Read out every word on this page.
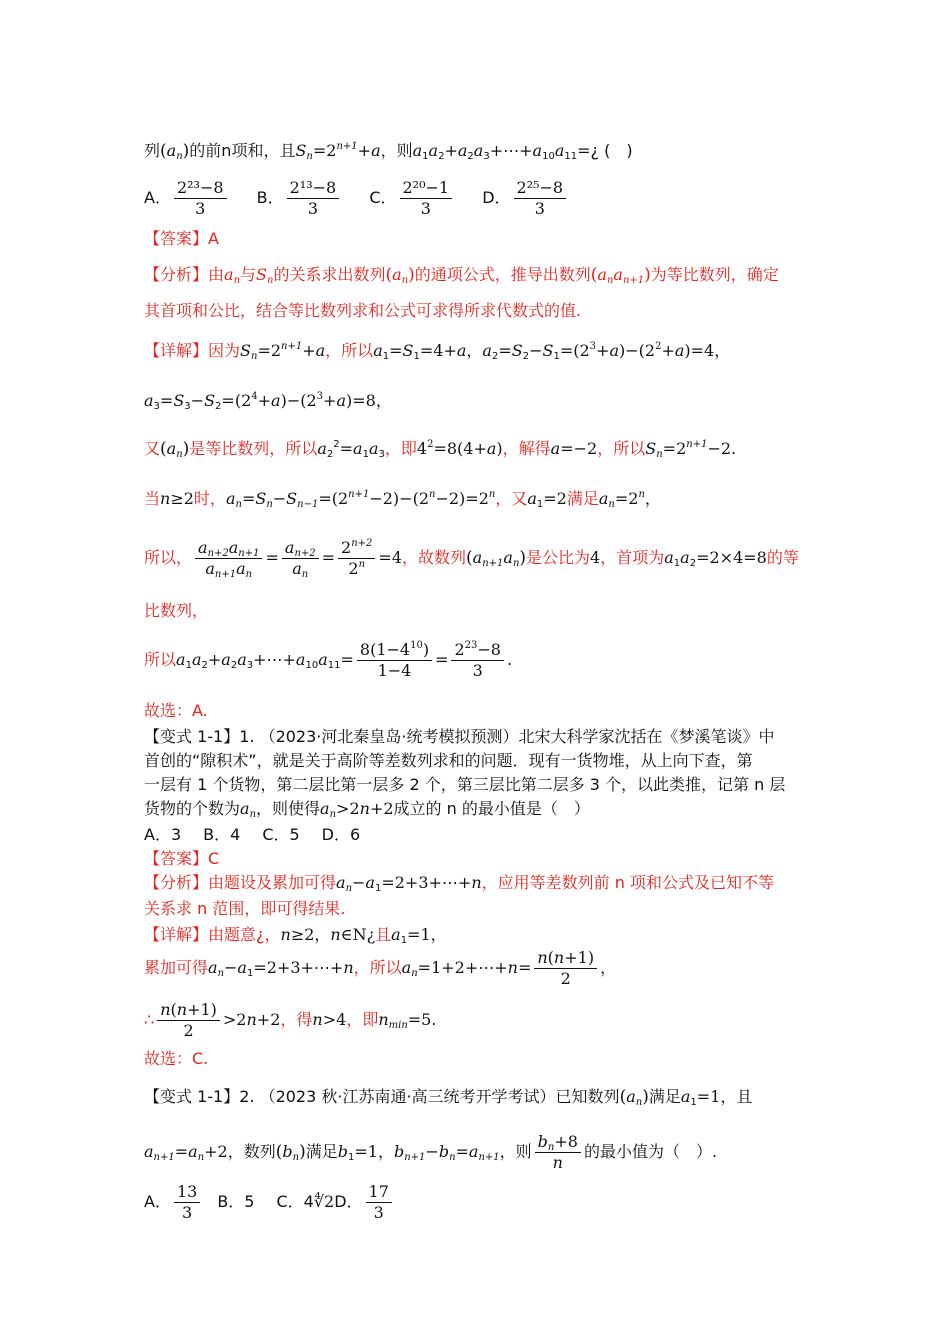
列$(a_n)$的前n项和，且$S_n=2^{n+1}+a$，则$a_1a_2+a_2a_3+\cdots+a_{10}a_{11}=¿$ (　)
A． $\frac{\text{2²³−8}}{3}$ B． $\frac{\text{2¹³−8}}{3}$ C． $\frac{\text{2²⁰−1}}{3}$ D． $\frac{\text{2²⁵−8}}{3}$
【答案】A
【分析】由$a_n$与$S_n$的关系求出数列$(a_n)$的通项公式，推导出数列$(a_na_{n+1})$为等比数列，确定
其首项和公比，结合等比数列求和公式可求得所求代数式的值.
【详解】因为$S_n=2^{n+1}+a$，所以$a_1=S_1=4+a$，$a_2=S_2-S_1=(2^3+a)-(2^2+a)=4$，
$a_3=S_3-S_2=(2^4+a)-(2^3+a)=8$，
又$(a_n)$是等比数列，所以$a_2^2=a_1a_3$，即$4^2=8(4+a)$，解得a=−2，所以$S_n=2^{n+1}-2$.
当n≥2时，$a_n=S_n-S_{n-1}=(2^{n+1}-2)-(2^n-2)=2^n$，又$a_1=2$满足$a_n=2^n$，
所以， $\frac{a_{n+2}a_{n+1}}{a_{n+1}a_n} = \frac{a_{n+2}}{a_n} = \frac{2^{n+2}}{2^n} =4$，故数列$(a_{n+1}a_n)$是公比为4，首项为$a_1a_2=2\times 4=8$的等
比数列，
所以$a_1a_2+a_2a_3+\cdots+a_{10}a_{11}= \frac{8(1-4^{10})}{1-4} = \frac{2^{23}-8}{3}$ .
故选：A.
【变式 1-1】1. （2023·河北秦皇岛·统考模拟预测）北宋大科学家沈括在《梦溪笔谈》中
首创的“隙积术”，就是关于高阶等差数列求和的问题．现有一货物堆，从上向下查，第
一层有 1 个货物，第二层比第一层多 2 个，第三层比第二层多 3 个，以此类推，记第 n 层
货物的个数为$a_n$，则使得$a_n>2n+2$成立的 n 的最小值是（　）
A．3 B．4 C．5 D．6
【答案】C
【分析】由题设及累加可得$a_n-a_1=2+3+\cdots+n$，应用等差数列前 n 项和公式及已知不等
关系求 n 范围，即可得结果.
【详解】由题意¿，n≥2，n∈N¿且$a_1=1$，
累加可得$a_n-a_1=2+3+\cdots+n$，所以$a_n=1+2+\cdots+n= \frac{n(n+1)}{2}$ ，
∴ $\frac{n(n+1)}{2} >2n+2$，得n>4，即$n_{min}=5$.
故选：C.
【变式 1-1】2. （2023 秋·江苏南通·高三统考开学考试）已知数列$(a_n)$满足$a_1=1$，且
$a_{n+1}=a_n+2$，数列$(b_n)$满足$b_1=1$，$b_{n+1}-b_n=a_{n+1}$，则 $\frac{b_n+8}{n}$ 的最小值为（　）.
A． $\frac{13}{3}$ B．5 C．4∜2D． $\frac{17}{3}$
